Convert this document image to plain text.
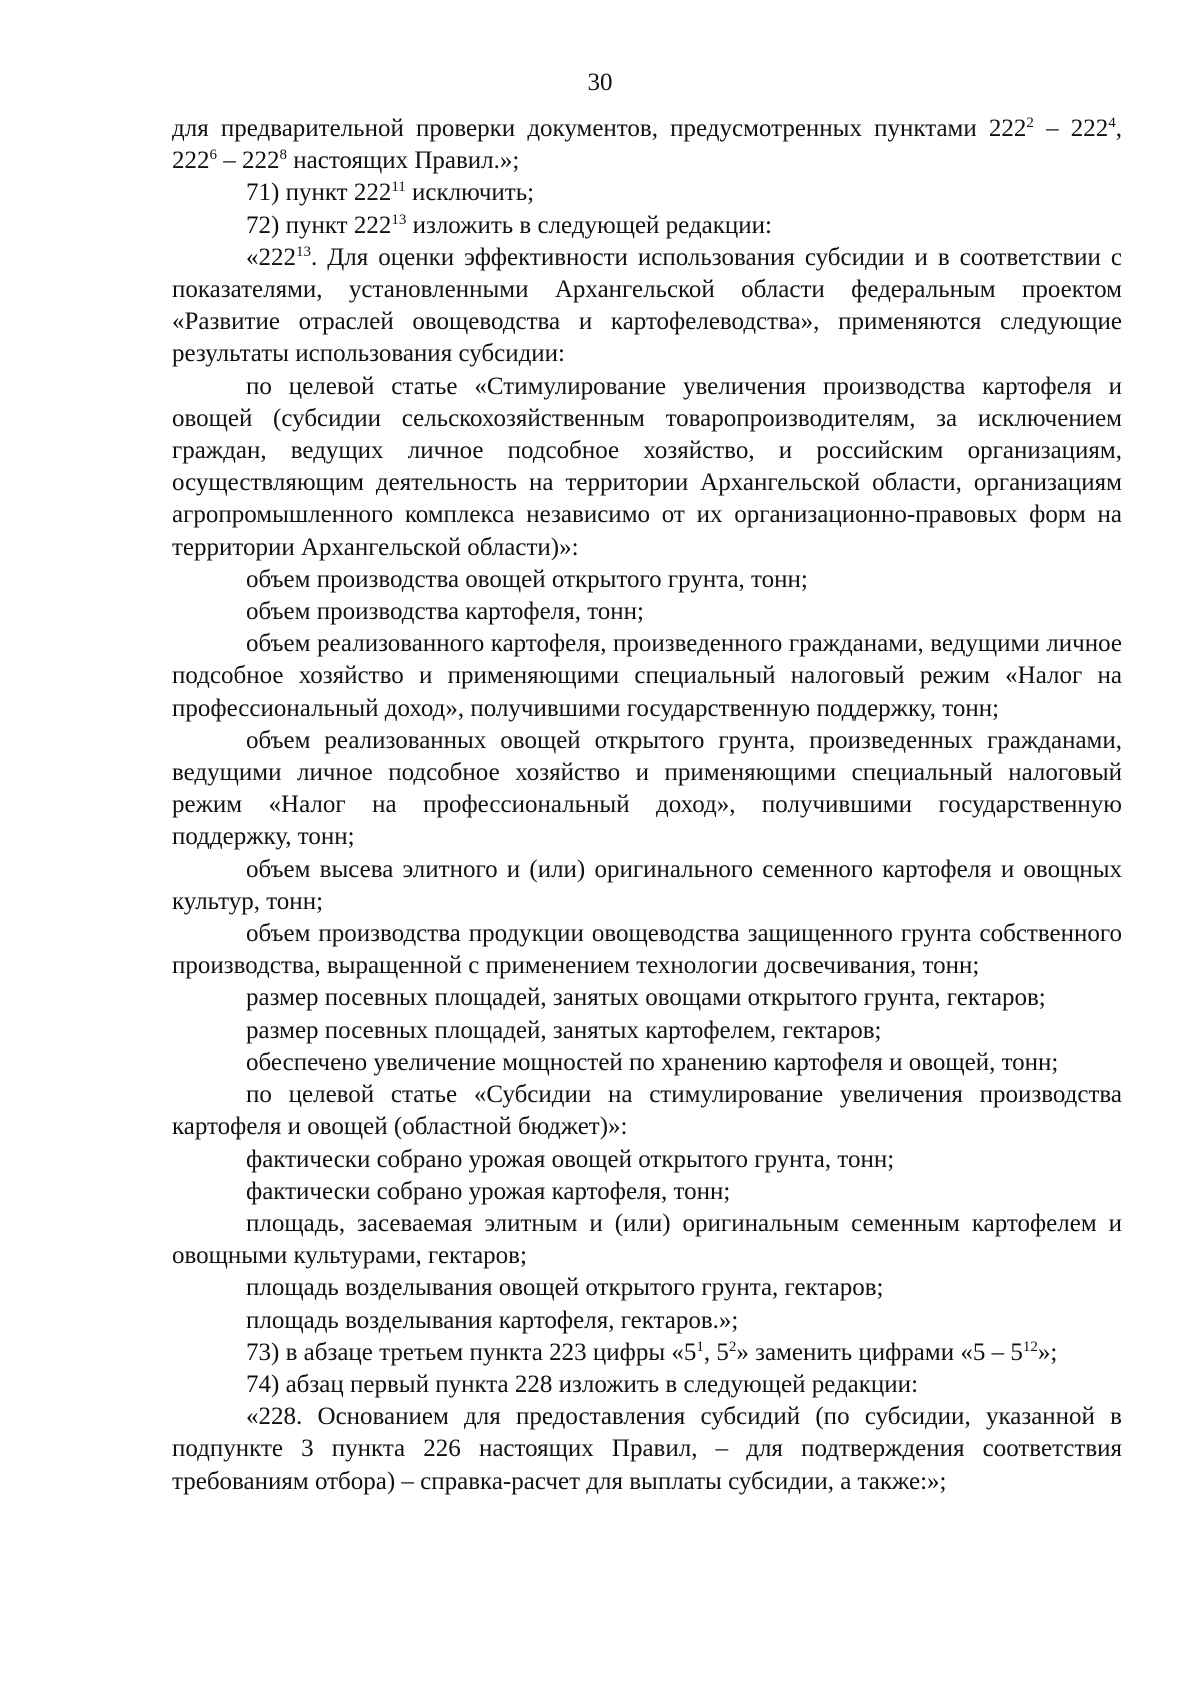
30

для предварительной проверки документов, предусмотренных пунктами $222^2 - 222^4$, $222^6 - 222^8$ настоящих Правил.»;

71) пункт $222^{11}$ исключить;

72) пункт $222^{13}$ изложить в следующей редакции:

«$222^{13}$. Для оценки эффективности использования субсидии и в соответствии с показателями, установленными Архангельской области федеральным проектом «Развитие отраслей овощеводства и картофелеводства», применяются следующие результаты использования субсидии:

по целевой статье «Стимулирование увеличения производства картофеля и овощей (субсидии сельскохозяйственным товаропроизводителям, за исключением граждан, ведущих личное подсобное хозяйство, и российским организациям, осуществляющим деятельность на территории Архангельской области, организациям агропромышленного комплекса независимо от их организационно-правовых форм на территории Архангельской области)»:

объем производства овощей открытого грунта, тонн;

объем производства картофеля, тонн;

объем реализованного картофеля, произведенного гражданами, ведущими личное подсобное хозяйство и применяющими специальный налоговый режим «Налог на профессиональный доход», получившими государственную поддержку, тонн;

объем реализованных овощей открытого грунта, произведенных гражданами, ведущими личное подсобное хозяйство и применяющими специальный налоговый режим «Налог на профессиональный доход», получившими государственную поддержку, тонн;

объем высева элитного и (или) оригинального семенного картофеля и овощных культур, тонн;

объем производства продукции овощеводства защищенного грунта собственного производства, выращенной с применением технологии досвечивания, тонн;

размер посевных площадей, занятых овощами открытого грунта, гектаров;

размер посевных площадей, занятых картофелем, гектаров;

обеспечено увеличение мощностей по хранению картофеля и овощей, тонн;

по целевой статье «Субсидии на стимулирование увеличения производства картофеля и овощей (областной бюджет)»:

фактически собрано урожая овощей открытого грунта, тонн;

фактически собрано урожая картофеля, тонн;

площадь, засеваемая элитным и (или) оригинальным семенным картофелем и овощными культурами, гектаров;

площадь возделывания овощей открытого грунта, гектаров;

площадь возделывания картофеля, гектаров.»;

73) в абзаце третьем пункта 223 цифры «$5^1$, $5^2$» заменить цифрами «$5 - 5^{12}$»;

74) абзац первый пункта 228 изложить в следующей редакции:

«228. Основанием для предоставления субсидий (по субсидии, указанной в подпункте 3 пункта 226 настоящих Правил, – для подтверждения соответствия требованиям отбора) – справка-расчет для выплаты субсидии, а также:»;
